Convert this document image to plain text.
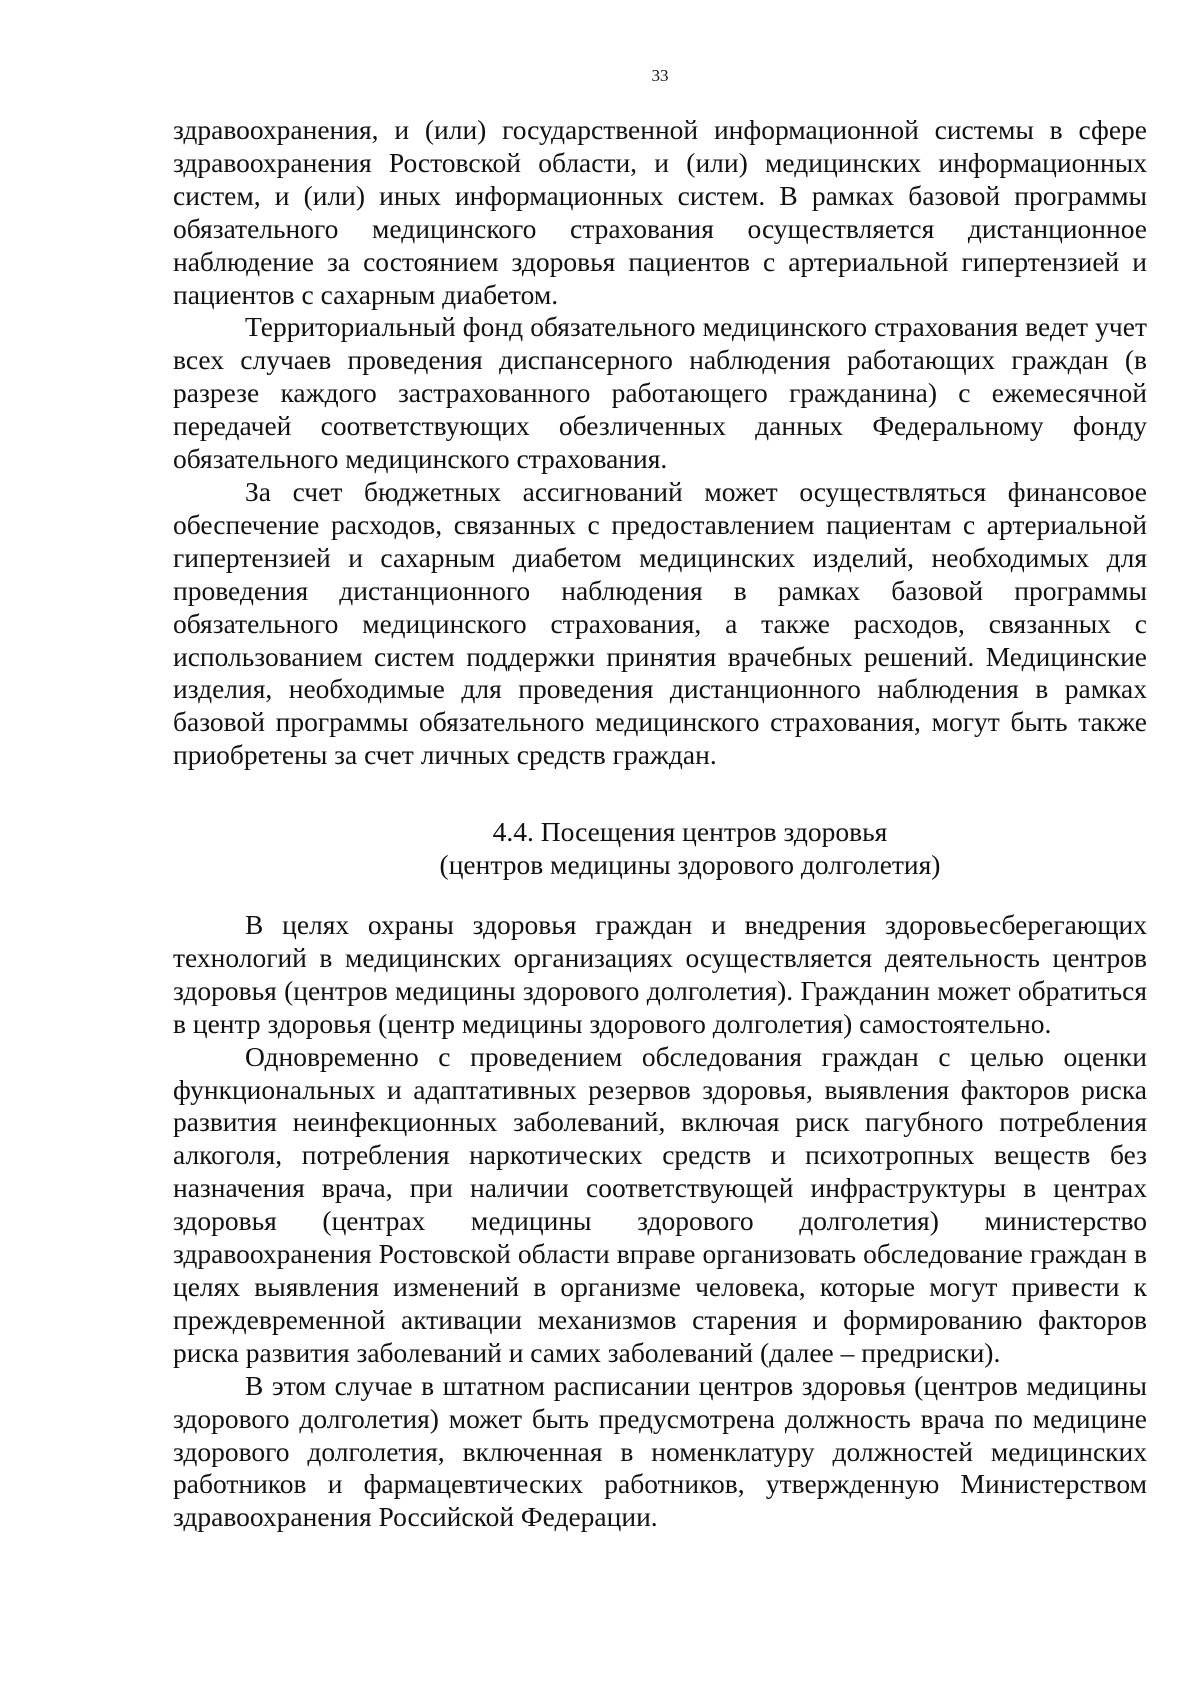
33

здравоохранения, и (или) государственной информационной системы в сфере здравоохранения Ростовской области, и (или) медицинских информационных систем, и (или) иных информационных систем. В рамках базовой программы обязательного медицинского страхования осуществляется дистанционное наблюдение за состоянием здоровья пациентов с артериальной гипертензией и пациентов с сахарным диабетом.

Территориальный фонд обязательного медицинского страхования ведет учет всех случаев проведения диспансерного наблюдения работающих граждан (в разрезе каждого застрахованного работающего гражданина) с ежемесячной передачей соответствующих обезличенных данных Федеральному фонду обязательного медицинского страхования.

За счет бюджетных ассигнований может осуществляться финансовое обеспечение расходов, связанных с предоставлением пациентам с артериальной гипертензией и сахарным диабетом медицинских изделий, необходимых для проведения дистанционного наблюдения в рамках базовой программы обязательного медицинского страхования, а также расходов, связанных с использованием систем поддержки принятия врачебных решений. Медицинские изделия, необходимые для проведения дистанционного наблюдения в рамках базовой программы обязательного медицинского страхования, могут быть также приобретены за счет личных средств граждан.

4.4. Посещения центров здоровья
(центров медицины здорового долголетия)

В целях охраны здоровья граждан и внедрения здоровьесберегающих технологий в медицинских организациях осуществляется деятельность центров здоровья (центров медицины здорового долголетия). Гражданин может обратиться в центр здоровья (центр медицины здорового долголетия) самостоятельно.

Одновременно с проведением обследования граждан с целью оценки функциональных и адаптативных резервов здоровья, выявления факторов риска развития неинфекционных заболеваний, включая риск пагубного потребления алкоголя, потребления наркотических средств и психотропных веществ без назначения врача, при наличии соответствующей инфраструктуры в центрах здоровья (центрах медицины здорового долголетия) министерство здравоохранения Ростовской области вправе организовать обследование граждан в целях выявления изменений в организме человека, которые могут привести к преждевременной активации механизмов старения и формированию факторов риска развития заболеваний и самих заболеваний (далее – предриски).

В этом случае в штатном расписании центров здоровья (центров медицины здорового долголетия) может быть предусмотрена должность врача по медицине здорового долголетия, включенная в номенклатуру должностей медицинских работников и фармацевтических работников, утвержденную Министерством здравоохранения Российской Федерации.
